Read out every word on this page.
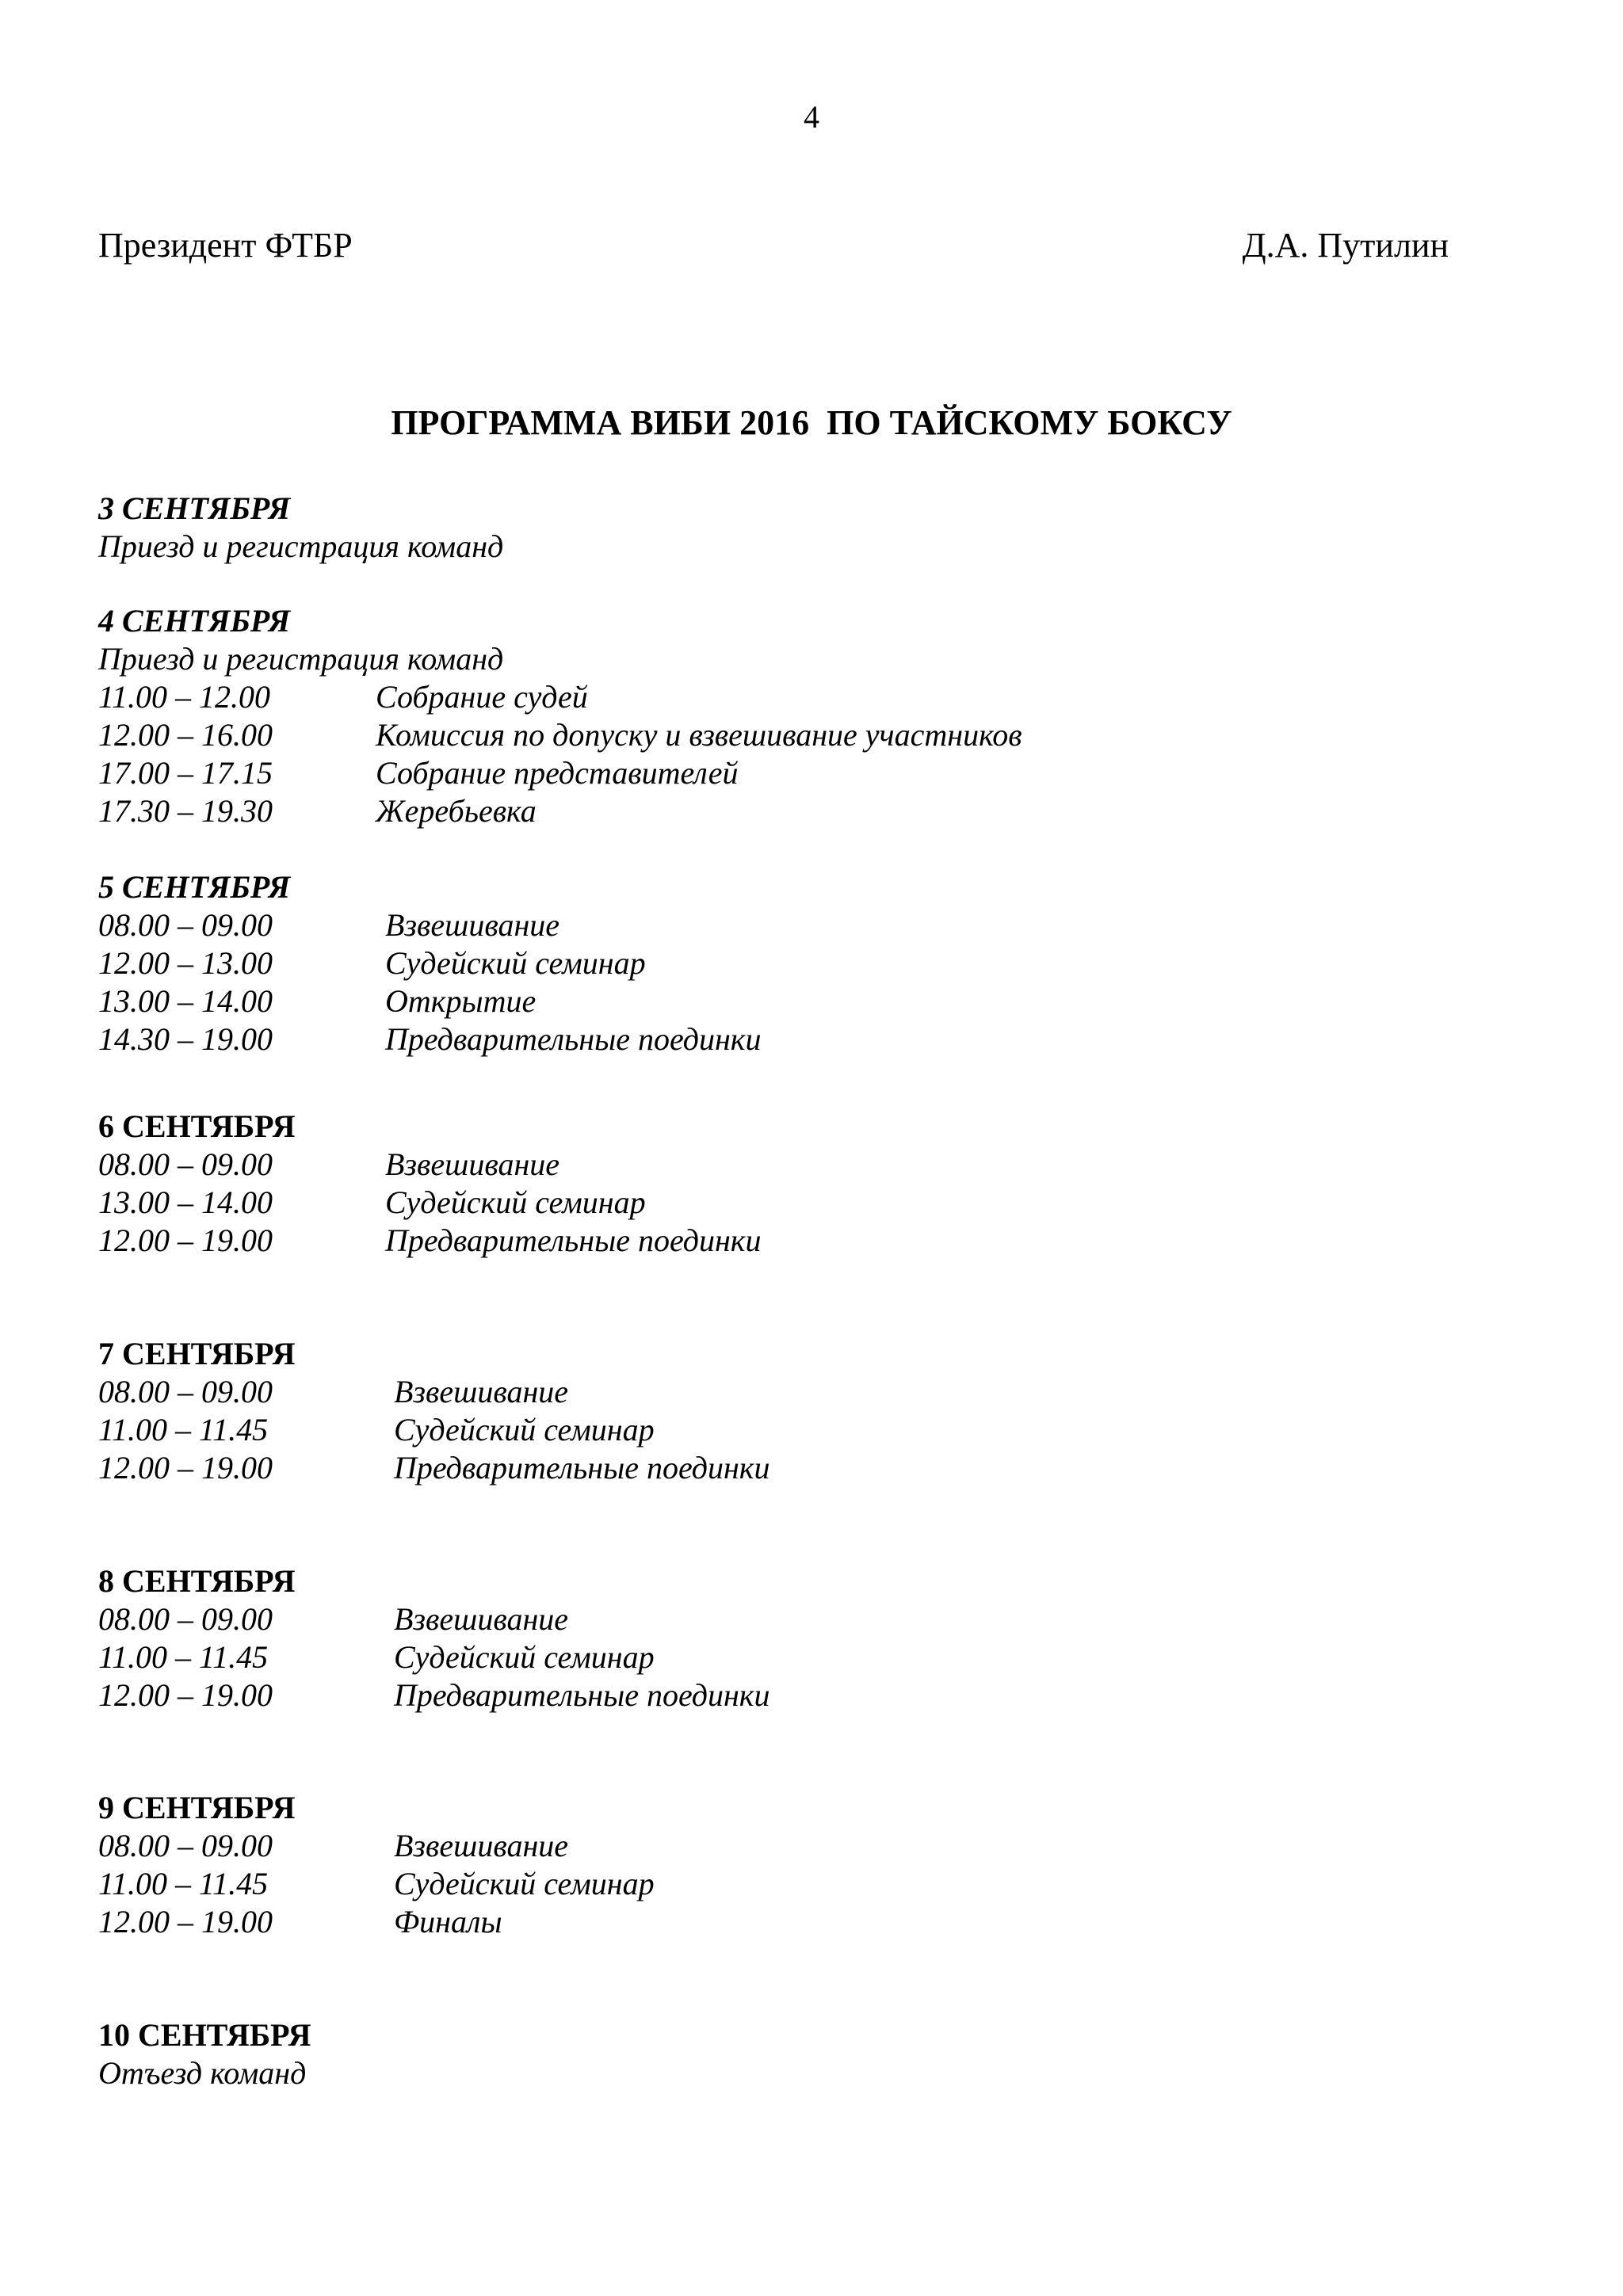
4
Президент ФТБР	Д.А. Путилин
ПРОГРАММА ВИБИ 2016  ПО ТАЙСКОМУ БОКСУ
3 СЕНТЯБРЯ
Приезд и регистрация команд
4 СЕНТЯБРЯ
Приезд и регистрация команд
11.00 – 12.00	Собрание судей
12.00 – 16.00	Комиссия по допуску и взвешивание участников
17.00 – 17.15	Собрание представителей
17.30 – 19.30	Жеребьевка
5 СЕНТЯБРЯ
08.00 – 09.00	Взвешивание
12.00 – 13.00	Судейский семинар
13.00 – 14.00	Открытие
14.30 – 19.00	Предварительные поединки
6 СЕНТЯБРЯ
08.00 – 09.00	Взвешивание
13.00 – 14.00	Судейский семинар
12.00 – 19.00	Предварительные поединки
7 СЕНТЯБРЯ
08.00 – 09.00	Взвешивание
11.00 – 11.45	Судейский семинар
12.00 – 19.00	Предварительные поединки
8 СЕНТЯБРЯ
08.00 – 09.00	Взвешивание
11.00 – 11.45	Судейский семинар
12.00 – 19.00	Предварительные поединки
9 СЕНТЯБРЯ
08.00 – 09.00	Взвешивание
11.00 – 11.45	Судейский семинар
12.00 – 19.00	Финалы
10 СЕНТЯБРЯ
Отъезд команд
